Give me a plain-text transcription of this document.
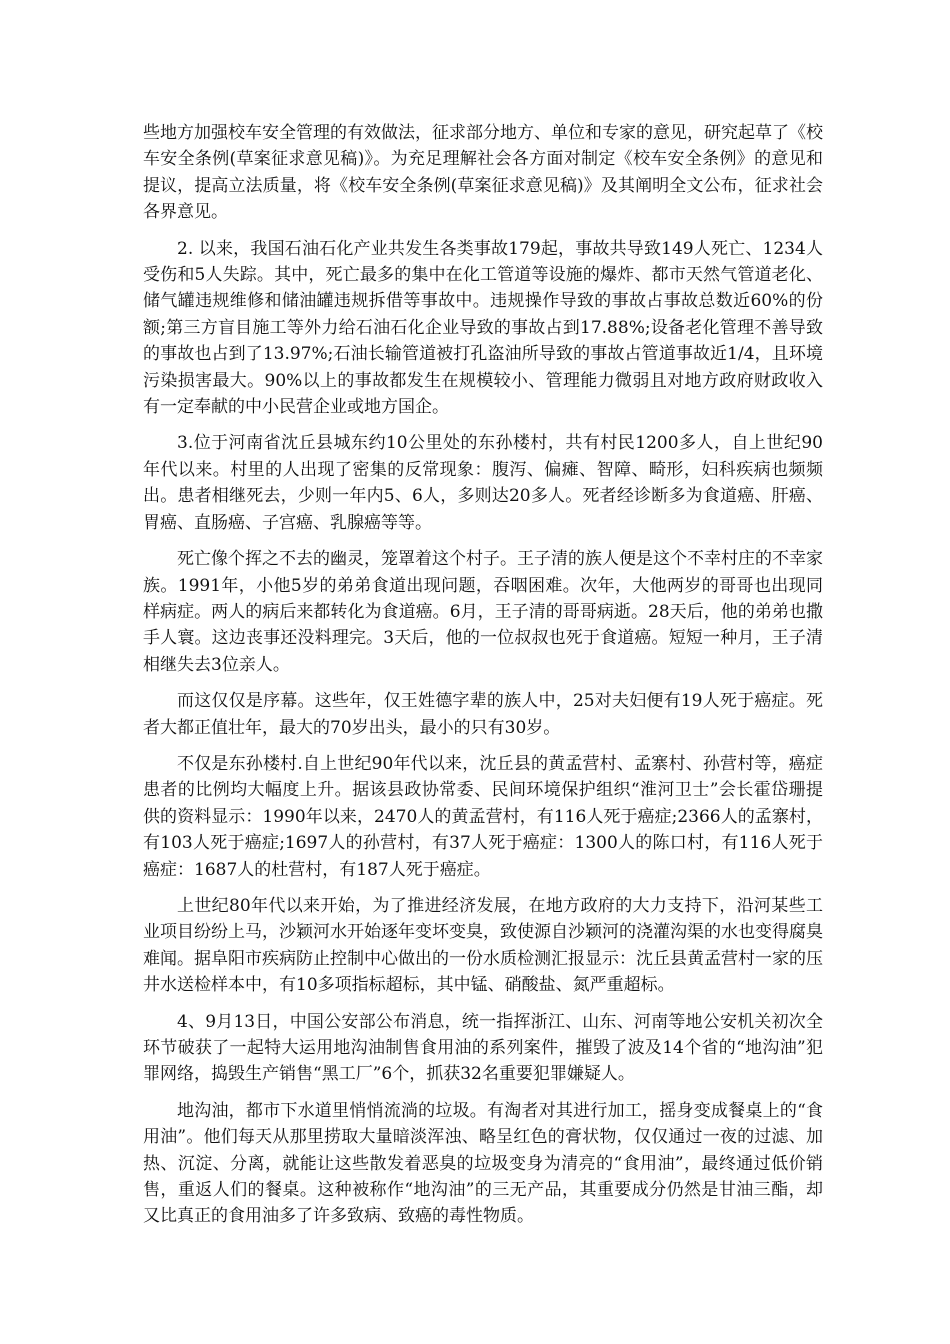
些地方加强校车安全管理的有效做法，征求部分地方、单位和专家的意见，研究起草了《校车安全条例(草案征求意见稿)》。为充足理解社会各方面对制定《校车安全条例》的意见和提议，提高立法质量，将《校车安全条例(草案征求意见稿)》及其阐明全文公布，征求社会各界意见。

2. 以来，我国石油石化产业共发生各类事故179起，事故共导致149人死亡、1234人受伤和5人失踪。其中，死亡最多的集中在化工管道等设施的爆炸、都市天然气管道老化、储气罐违规维修和储油罐违规拆借等事故中。违规操作导致的事故占事故总数近60%的份额;第三方盲目施工等外力给石油石化企业导致的事故占到17.88%;设备老化管理不善导致的事故也占到了13.97%;石油长输管道被打孔盗油所导致的事故占管道事故近1/4，且环境污染损害最大。90%以上的事故都发生在规模较小、管理能力微弱且对地方政府财政收入有一定奉献的中小民营企业或地方国企。

3.位于河南省沈丘县城东约10公里处的东孙楼村，共有村民1200多人，自上世纪90年代以来。村里的人出现了密集的反常现象：腹泻、偏瘫、智障、畸形，妇科疾病也频频出。患者相继死去，少则一年内5、6人，多则达20多人。死者经诊断多为食道癌、肝癌、胃癌、直肠癌、子宫癌、乳腺癌等等。

死亡像个挥之不去的幽灵，笼罩着这个村子。王子清的族人便是这个不幸村庄的不幸家族。1991年，小他5岁的弟弟食道出现问题，吞咽困难。次年，大他两岁的哥哥也出现同样病症。两人的病后来都转化为食道癌。6月，王子清的哥哥病逝。28天后，他的弟弟也撒手人寰。这边丧事还没料理完。3天后，他的一位叔叔也死于食道癌。短短一种月，王子清相继失去3位亲人。

而这仅仅是序幕。这些年，仅王姓德字辈的族人中，25对夫妇便有19人死于癌症。死者大都正值壮年，最大的70岁出头，最小的只有30岁。

不仅是东孙楼村.自上世纪90年代以来，沈丘县的黄孟营村、孟寨村、孙营村等，癌症患者的比例均大幅度上升。据该县政协常委、民间环境保护组织“淮河卫士”会长霍岱珊提供的资料显示：1990年以来，2470人的黄孟营村，有116人死于癌症;2366人的孟寨村，有103人死于癌症;1697人的孙营村，有37人死于癌症：1300人的陈口村，有116人死于癌症：1687人的杜营村，有187人死于癌症。

上世纪80年代以来开始，为了推进经济发展，在地方政府的大力支持下，沿河某些工业项目纷纷上马，沙颖河水开始逐年变坏变臭，致使源自沙颖河的浇灌沟渠的水也变得腐臭难闻。据阜阳市疾病防止控制中心做出的一份水质检测汇报显示：沈丘县黄孟营村一家的压井水送检样本中，有10多项指标超标，其中锰、硝酸盐、氮严重超标。

4、9月13日，中国公安部公布消息，统一指挥浙江、山东、河南等地公安机关初次全环节破获了一起特大运用地沟油制售食用油的系列案件，摧毁了波及14个省的“地沟油”犯罪网络，捣毁生产销售“黑工厂”6个，抓获32名重要犯罪嫌疑人。

地沟油，都市下水道里悄悄流淌的垃圾。有淘者对其进行加工，摇身变成餐桌上的“食用油”。他们每天从那里捞取大量暗淡浑浊、略呈红色的膏状物，仅仅通过一夜的过滤、加热、沉淀、分离，就能让这些散发着恶臭的垃圾变身为清亮的“食用油”，最终通过低价销售，重返人们的餐桌。这种被称作“地沟油”的三无产品，其重要成分仍然是甘油三酯，却又比真正的食用油多了许多致病、致癌的毒性物质。
